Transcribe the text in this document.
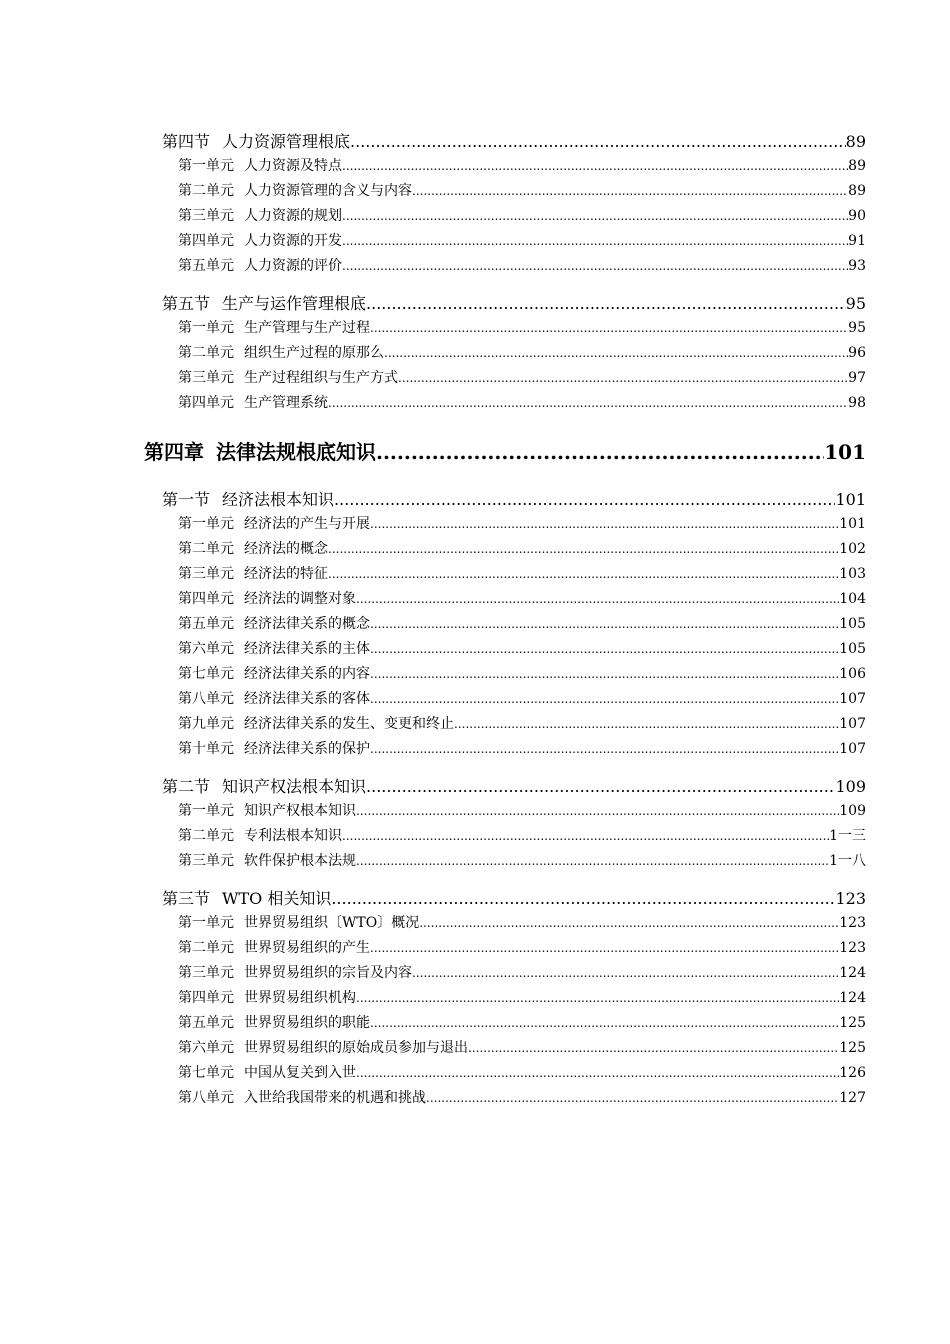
第四节 人力资源管理根底 .....	89
第一单元 人力资源及特点 .....	89
第二单元 人力资源管理的含义与内容 .....	89
第三单元 人力资源的规划 .....	90
第四单元 人力资源的开发 .....	91
第五单元 人力资源的评价 .....	93
第五节 生产与运作管理根底 .....	95
第一单元 生产管理与生产过程 .....	95
第二单元 组织生产过程的原那么 .....	96
第三单元 生产过程组织与生产方式 .....	97
第四单元 生产管理系统 .....	98
第四章 法律法规根底知识 .....	101
第一节 经济法根本知识 .....	101
第一单元 经济法的产生与开展 .....	101
第二单元 经济法的概念 .....	102
第三单元 经济法的特征 .....	103
第四单元 经济法的调整对象 .....	104
第五单元 经济法律关系的概念 .....	105
第六单元 经济法律关系的主体 .....	105
第七单元 经济法律关系的内容 .....	106
第八单元 经济法律关系的客体 .....	107
第九单元 经济法律关系的发生、变更和终止 .....	107
第十单元 经济法律关系的保护 .....	107
第二节 知识产权法根本知识 .....	109
第一单元 知识产权根本知识 .....	109
第二单元 专利法根本知识 .....	1一三
第三单元 软件保护根本法规 .....	1一八
第三节 WTO 相关知识 .....	123
第一单元 世界贸易组织〔WTO〕概况 .....	123
第二单元 世界贸易组织的产生 .....	123
第三单元 世界贸易组织的宗旨及内容 .....	124
第四单元 世界贸易组织机构 .....	124
第五单元 世界贸易组织的职能 .....	125
第六单元 世界贸易组织的原始成员参加与退出 .....	125
第七单元 中国从复关到入世 .....	126
第八单元 入世给我国带来的机遇和挑战 .....	127
